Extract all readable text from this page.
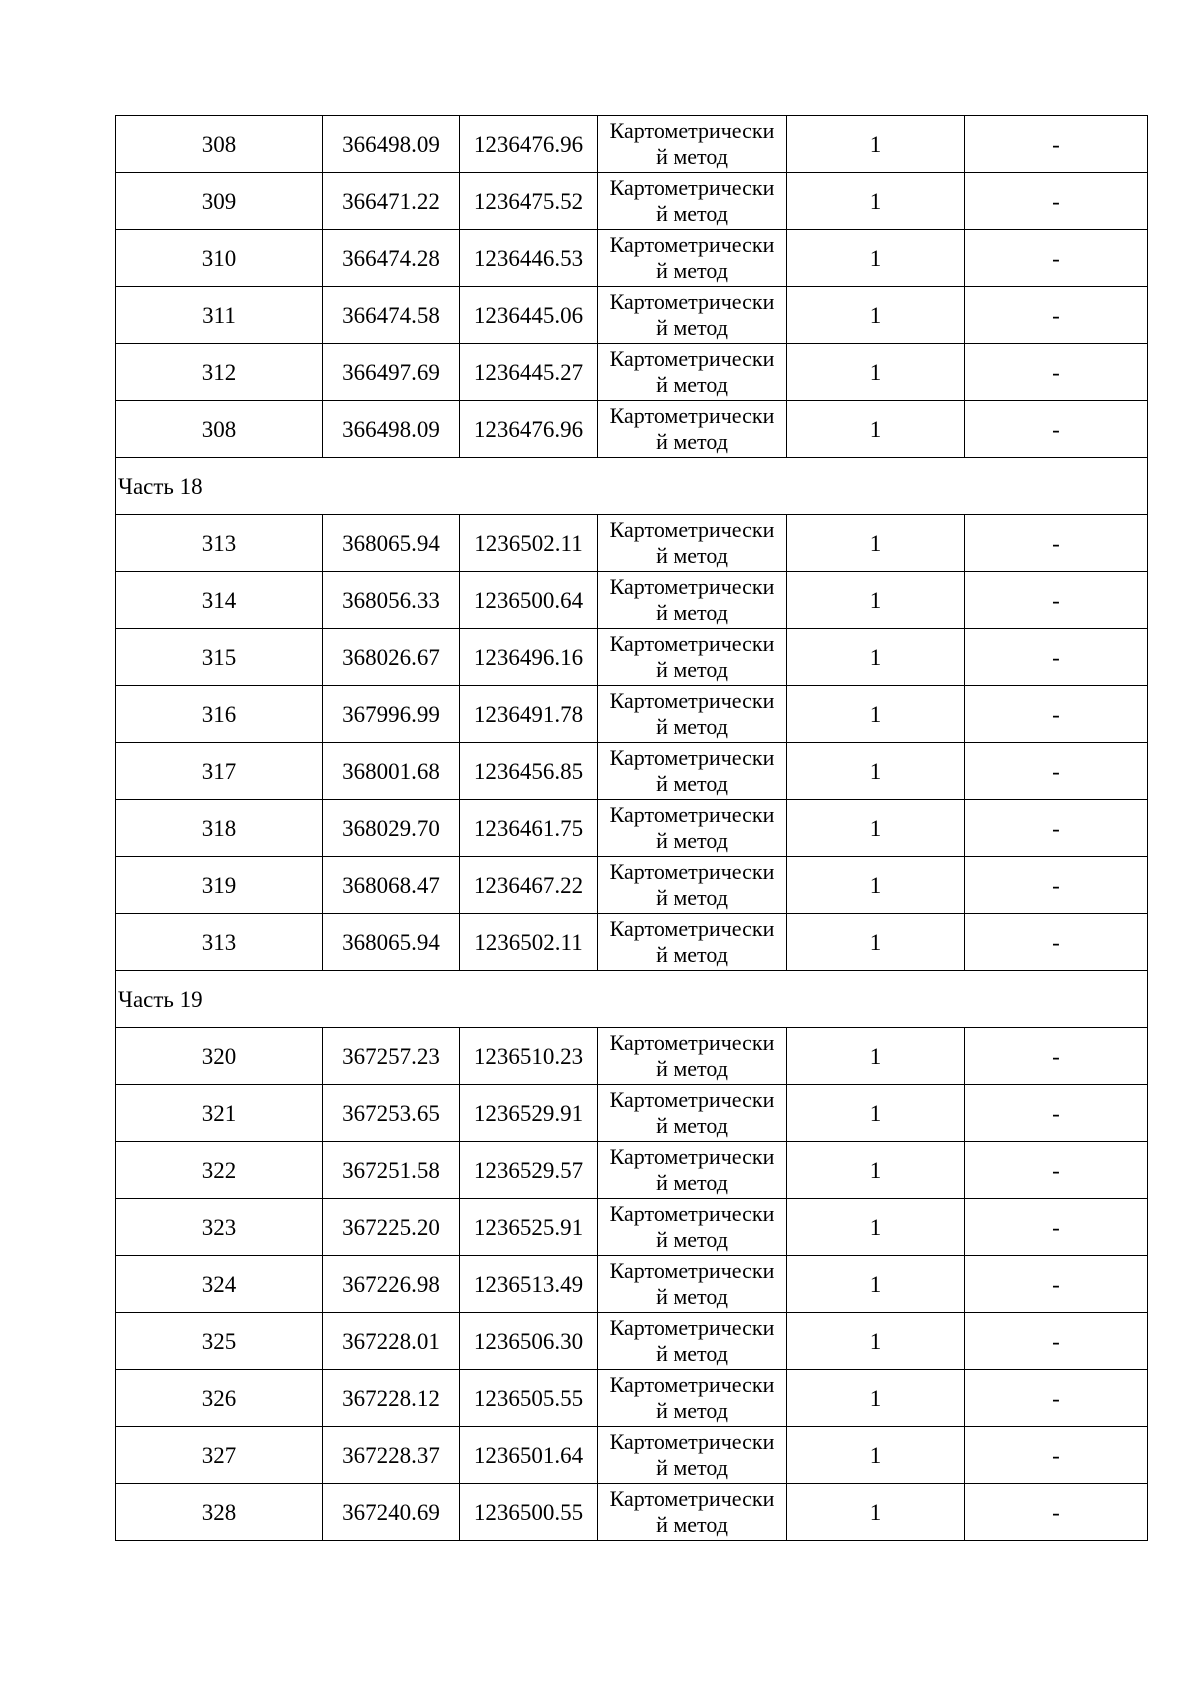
308	366498.09	1236476.96	Картометрически
й метод	1	-
309	366471.22	1236475.52	Картометрически
й метод	1	-
310	366474.28	1236446.53	Картометрически
й метод	1	-
311	366474.58	1236445.06	Картометрически
й метод	1	-
312	366497.69	1236445.27	Картометрически
й метод	1	-
308	366498.09	1236476.96	Картометрически
й метод	1	-
Часть 18					
313	368065.94	1236502.11	Картометрически
й метод	1	-
314	368056.33	1236500.64	Картометрически
й метод	1	-
315	368026.67	1236496.16	Картометрически
й метод	1	-
316	367996.99	1236491.78	Картометрически
й метод	1	-
317	368001.68	1236456.85	Картометрически
й метод	1	-
318	368029.70	1236461.75	Картометрически
й метод	1	-
319	368068.47	1236467.22	Картометрически
й метод	1	-
313	368065.94	1236502.11	Картометрически
й метод	1	-
Часть 19					
320	367257.23	1236510.23	Картометрически
й метод	1	-
321	367253.65	1236529.91	Картометрически
й метод	1	-
322	367251.58	1236529.57	Картометрически
й метод	1	-
323	367225.20	1236525.91	Картометрически
й метод	1	-
324	367226.98	1236513.49	Картометрически
й метод	1	-
325	367228.01	1236506.30	Картометрически
й метод	1	-
326	367228.12	1236505.55	Картометрически
й метод	1	-
327	367228.37	1236501.64	Картометрически
й метод	1	-
328	367240.69	1236500.55	Картометрически
й метод	1	-
